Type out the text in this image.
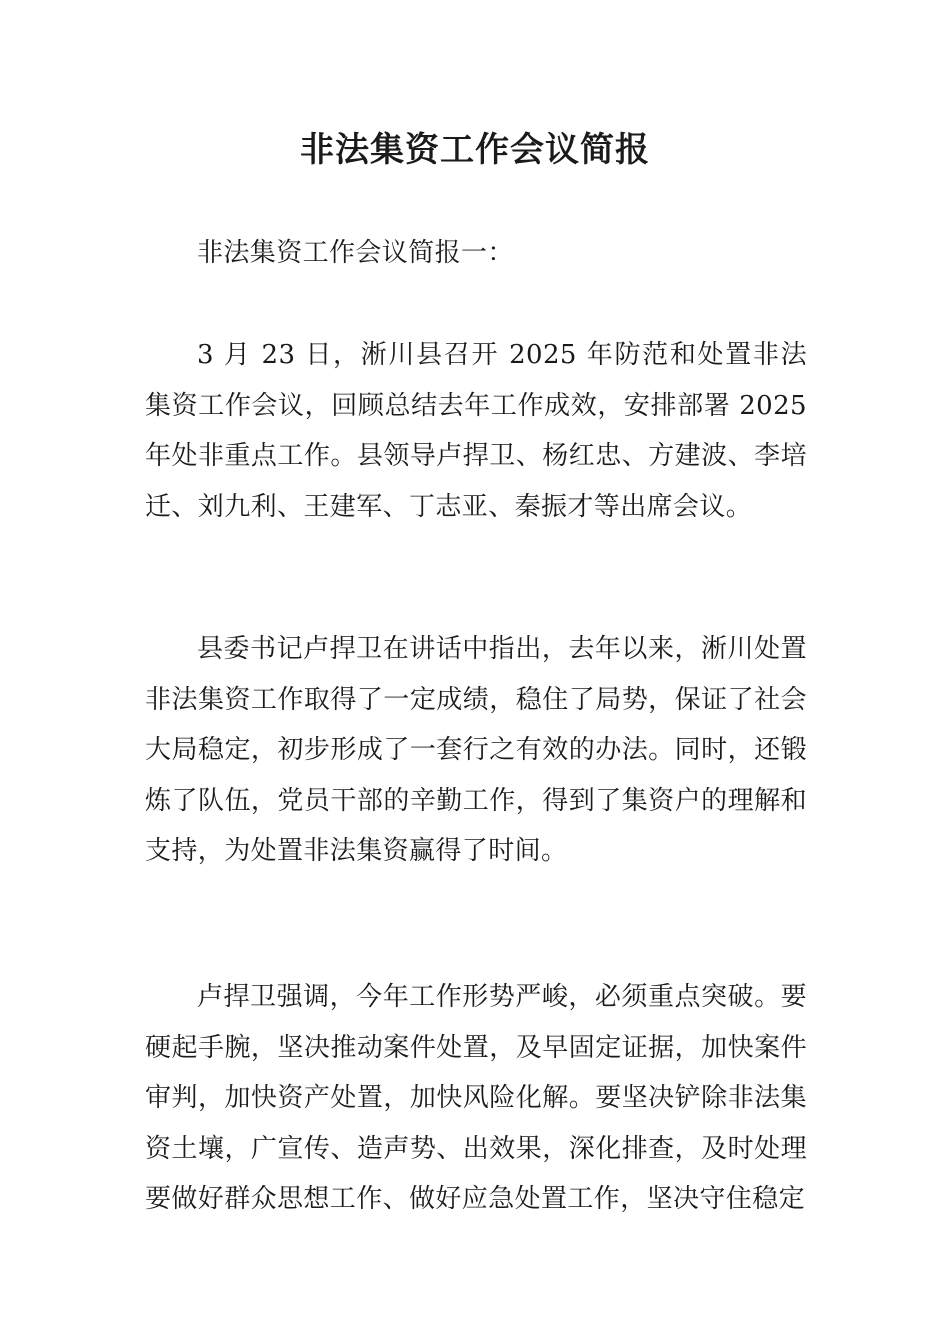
非法集资工作会议简报

非法集资工作会议简报一：

3 月 23 日，淅川县召开 2025 年防范和处置非法集资工作会议，回顾总结去年工作成效，安排部署 2025 年处非重点工作。县领导卢捍卫、杨红忠、方建波、李培迁、刘九利、王建军、丁志亚、秦振才等出席会议。

县委书记卢捍卫在讲话中指出，去年以来，淅川处置非法集资工作取得了一定成绩，稳住了局势，保证了社会大局稳定，初步形成了一套行之有效的办法。同时，还锻炼了队伍，党员干部的辛勤工作，得到了集资户的理解和支持，为处置非法集资赢得了时间。

卢捍卫强调，今年工作形势严峻，必须重点突破。要硬起手腕，坚决推动案件处置，及早固定证据，加快案件审判，加快资产处置，加快风险化解。要坚决铲除非法集资土壤，广宣传、造声势、出效果，深化排查，及时处理要做好群众思想工作、做好应急处置工作，坚决守住稳定
